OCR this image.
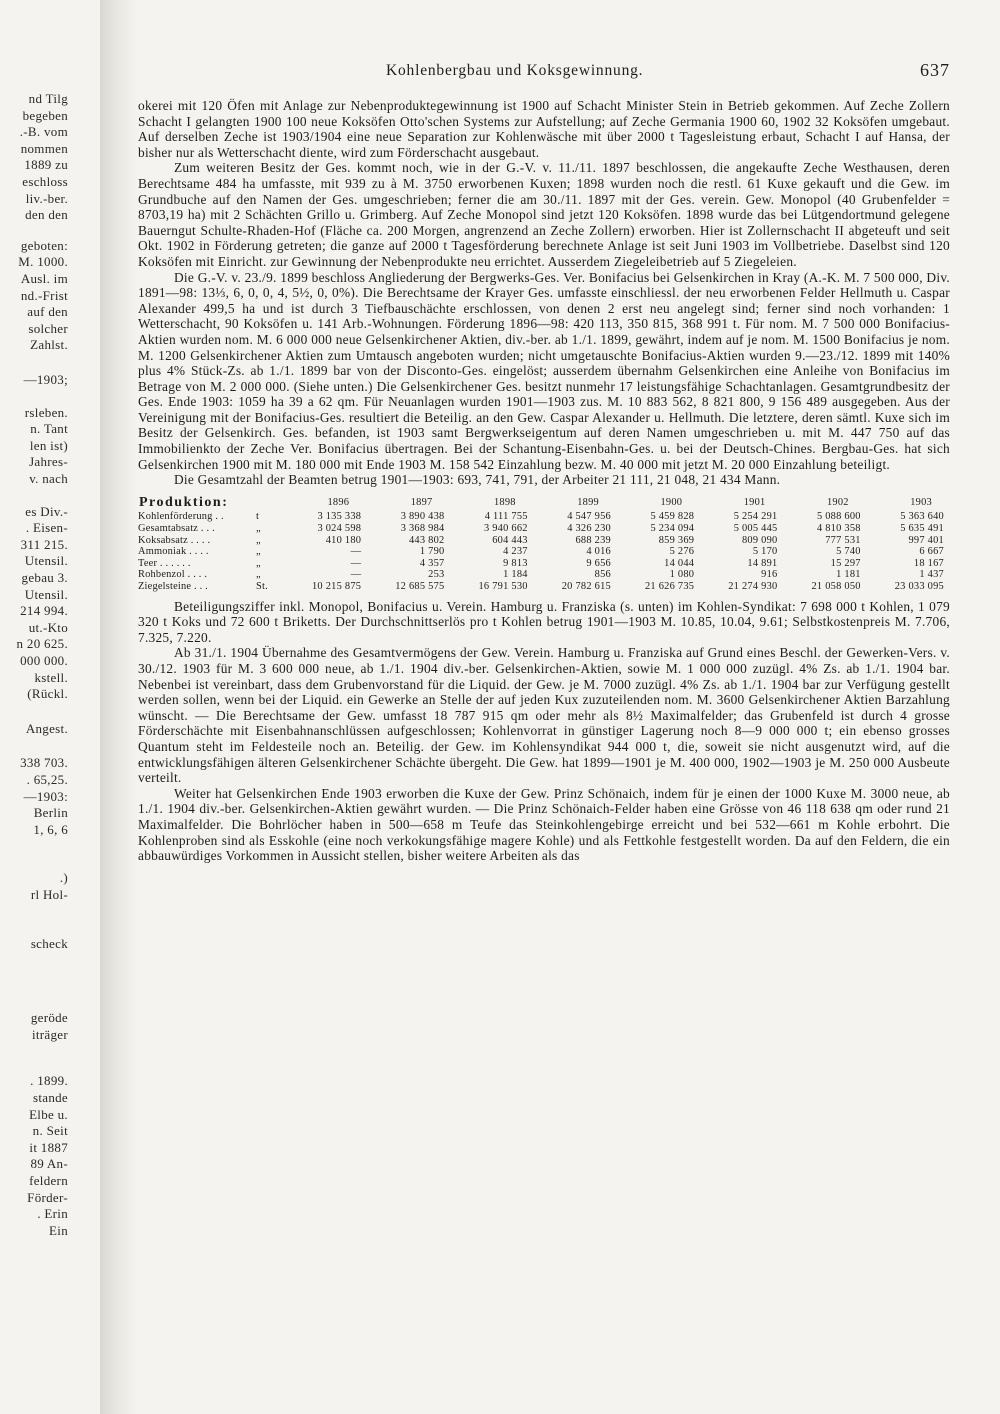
nd Tilg
begeben
.-B. vom
nommen
1889 zu
eschloss
liv.-ber.
den den
geboten:
M. 1000.
Ausl. im
nd.-Frist
auf den
solcher
Zahlst.
—1903;
rsleben.
n. Tant
len ist)
Jahres-
v. nach
es Div.-
. Eisen-
311 215.
Utensil.
gebau 3.
Utensil.
214 994.
ut.-Kto
n 20 625.
000 000.
kstell.
(Rückl.
Angest.
338 703.
. 65,25.
—1903:
Berlin
1, 6, 6
.)
rl Hol-
scheck
geröde
iträger
. 1899.
stande
Elbe u.
n. Seit
it 1887
89 An-
feldern
Förder-
. Erin
Ein
Kohlenbergbau und Koksgewinnung.	637

okerei mit 120 Öfen mit Anlage zur Nebenproduktegewinnung ist 1900 auf Schacht Minister Stein in Betrieb gekommen. Auf Zeche Zollern Schacht I gelangten 1900 100 neue Koksöfen Otto'schen Systems zur Aufstellung; auf Zeche Germania 1900 60, 1902 32 Koksöfen umgebaut. Auf derselben Zeche ist 1903/1904 eine neue Separation zur Kohlenwäsche mit über 2000 t Tagesleistung erbaut, Schacht I auf Hansa, der bisher nur als Wetterschacht diente, wird zum Förderschacht ausgebaut.

Zum weiteren Besitz der Ges. kommt noch, wie in der G.-V. v. 11./11. 1897 beschlossen, die angekaufte Zeche Westhausen, deren Berechtsame 484 ha umfasste, mit 939 zu à M. 3750 erworbenen Kuxen; 1898 wurden noch die restl. 61 Kuxe gekauft und die Gew. im Grundbuche auf den Namen der Ges. umgeschrieben; ferner die am 30./11. 1897 mit der Ges. verein. Gew. Monopol (40 Grubenfelder = 8703,19 ha) mit 2 Schächten Grillo u. Grimberg. Auf Zeche Monopol sind jetzt 120 Koksöfen. 1898 wurde das bei Lütgendortmund gelegene Bauerngut Schulte-Rhaden-Hof (Fläche ca. 200 Morgen, angrenzend an Zeche Zollern) erworben. Hier ist Zollernschacht II abgeteuft und seit Okt. 1902 in Förderung getreten; die ganze auf 2000 t Tagesförderung berechnete Anlage ist seit Juni 1903 im Vollbetriebe. Daselbst sind 120 Koksöfen mit Einricht. zur Gewinnung der Nebenprodukte neu errichtet. Ausserdem Ziegeleibetrieb auf 5 Ziegeleien.

Die G.-V. v. 23./9. 1899 beschloss Angliederung der Bergwerks-Ges. Ver. Bonifacius bei Gelsenkirchen in Kray (A.-K. M. 7 500 000, Div. 1891—98: 13⅓, 6, 0, 0, 4, 5½, 0, 0%). Die Berechtsame der Krayer Ges. umfasste einschliessl. der neu erworbenen Felder Hellmuth u. Caspar Alexander 499,5 ha und ist durch 3 Tiefbauschächte erschlossen, von denen 2 erst neu angelegt sind; ferner sind noch vorhanden: 1 Wetterschacht, 90 Koksöfen u. 141 Arb.-Wohnungen. Förderung 1896—98: 420 113, 350 815, 368 991 t. Für nom. M. 7 500 000 Bonifacius-Aktien wurden nom. M. 6 000 000 neue Gelsenkirchener Aktien, div.-ber. ab 1./1. 1899, gewährt, indem auf je nom. M. 1500 Bonifacius je nom. M. 1200 Gelsenkirchener Aktien zum Umtausch angeboten wurden; nicht umgetauschte Bonifacius-Aktien wurden 9.—23./12. 1899 mit 140% plus 4% Stück-Zs. ab 1./1. 1899 bar von der Disconto-Ges. eingelöst; ausserdem übernahm Gelsenkirchen eine Anleihe von Bonifacius im Betrage von M. 2 000 000. (Siehe unten.) Die Gelsenkirchener Ges. besitzt nunmehr 17 leistungsfähige Schachtanlagen. Gesamtgrundbesitz der Ges. Ende 1903: 1059 ha 39 a 62 qm. Für Neuanlagen wurden 1901—1903 zus. M. 10 883 562, 8 821 800, 9 156 489 ausgegeben. Aus der Vereinigung mit der Bonifacius-Ges. resultiert die Beteilig. an den Gew. Caspar Alexander u. Hellmuth. Die letztere, deren sämtl. Kuxe sich im Besitz der Gelsenkirch. Ges. befanden, ist 1903 samt Bergwerkseigentum auf deren Namen umgeschrieben u. mit M. 447 750 auf das Immobilienkto der Zeche Ver. Bonifacius übertragen. Bei der Schantung-Eisenbahn-Ges. u. bei der Deutsch-Chines. Bergbau-Ges. hat sich Gelsenkirchen 1900 mit M. 180 000 mit Ende 1903 M. 158 542 Einzahlung bezw. M. 40 000 mit jetzt M. 20 000 Einzahlung beteiligt.

Die Gesamtzahl der Beamten betrug 1901—1903: 693, 741, 791, der Arbeiter 21 111, 21 048, 21 434 Mann.

Produktion:		1896	1897	1898	1899	1900	1901	1902	1903
Kohlenförderung . .	t	3 135 338	3 890 438	4 111 755	4 547 956	5 459 828	5 254 291	5 088 600	5 363 640
Gesamtabsatz . . .	„	3 024 598	3 368 984	3 940 662	4 326 230	5 234 094	5 005 445	4 810 358	5 635 491
Koksabsatz . . . .	„	410 180	443 802	604 443	688 239	859 369	809 090	777 531	997 401
Ammoniak . . . .	„	—	1 790	4 237	4 016	5 276	5 170	5 740	6 667
Teer . . . . . .	„	—	4 357	9 813	9 656	14 044	14 891	15 297	18 167
Rohbenzol . . . .	„	—	253	1 184	856	1 080	916	1 181	1 437
Ziegelsteine . . .	St.	10 215 875	12 685 575	16 791 530	20 782 615	21 626 735	21 274 930	21 058 050	23 033 095

Beteiligungsziffer inkl. Monopol, Bonifacius u. Verein. Hamburg u. Franziska (s. unten) im Kohlen-Syndikat: 7 698 000 t Kohlen, 1 079 320 t Koks und 72 600 t Briketts. Der Durchschnittserlös pro t Kohlen betrug 1901—1903 M. 10.85, 10.04, 9.61; Selbstkostenpreis M. 7.706, 7.325, 7.220.

Ab 31./1. 1904 Übernahme des Gesamtvermögens der Gew. Verein. Hamburg u. Franziska auf Grund eines Beschl. der Gewerken-Vers. v. 30./12. 1903 für M. 3 600 000 neue, ab 1./1. 1904 div.-ber. Gelsenkirchen-Aktien, sowie M. 1 000 000 zuzügl. 4% Zs. ab 1./1. 1904 bar. Nebenbei ist vereinbart, dass dem Grubenvorstand für die Liquid. der Gew. je M. 7000 zuzügl. 4% Zs. ab 1./1. 1904 bar zur Verfügung gestellt werden sollen, wenn bei der Liquid. ein Gewerke an Stelle der auf jeden Kux zuzuteilenden nom. M. 3600 Gelsenkirchener Aktien Barzahlung wünscht. — Die Berechtsame der Gew. umfasst 18 787 915 qm oder mehr als 8½ Maximalfelder; das Grubenfeld ist durch 4 grosse Förderschächte mit Eisenbahnanschlüssen aufgeschlossen; Kohlenvorrat in günstiger Lagerung noch 8—9 000 000 t; ein ebenso grosses Quantum steht im Feldesteile noch an. Beteilig. der Gew. im Kohlensyndikat 944 000 t, die, soweit sie nicht ausgenutzt wird, auf die entwicklungsfähigen älteren Gelsenkirchener Schächte übergeht. Die Gew. hat 1899—1901 je M. 400 000, 1902—1903 je M. 250 000 Ausbeute verteilt.

Weiter hat Gelsenkirchen Ende 1903 erworben die Kuxe der Gew. Prinz Schönaich, indem für je einen der 1000 Kuxe M. 3000 neue, ab 1./1. 1904 div.-ber. Gelsenkirchen-Aktien gewährt wurden. — Die Prinz Schönaich-Felder haben eine Grösse von 46 118 638 qm oder rund 21 Maximalfelder. Die Bohrlöcher haben in 500—658 m Teufe das Steinkohlengebirge erreicht und bei 532—661 m Kohle erbohrt. Die Kohlenproben sind als Esskohle (eine noch verkokungsfähige magere Kohle) und als Fettkohle festgestellt worden. Da auf den Feldern, die ein abbauwürdiges Vorkommen in Aussicht stellen, bisher weitere Arbeiten als das
